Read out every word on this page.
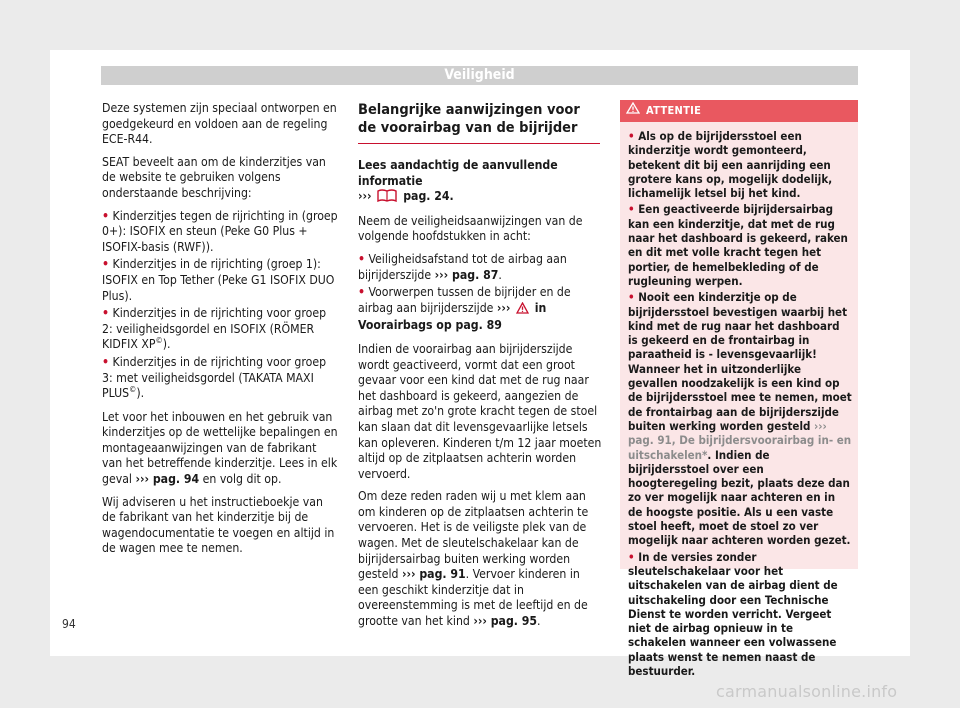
Veiligheid

Deze systemen zijn speciaal ontworpen en goedgekeurd en voldoen aan de regeling ECE-R44.

SEAT beveelt aan om de kinderzitjes van de website te gebruiken volgens onderstaande beschrijving:

• Kinderzitjes tegen de rijrichting in (groep 0+): ISOFIX en steun (Peke G0 Plus + ISOFIX-basis (RWF)).
• Kinderzitjes in de rijrichting (groep 1): ISOFIX en Top Tether (Peke G1 ISOFIX DUO Plus).
• Kinderzitjes in de rijrichting voor groep 2: veiligheidsgordel en ISOFIX (RÖMER KIDFIX XP©).
• Kinderzitjes in de rijrichting voor groep 3: met veiligheidsgordel (TAKATA MAXI PLUS©).

Let voor het inbouwen en het gebruik van kinderzitjes op de wettelijke bepalingen en montageaanwijzingen van de fabrikant van het betreffende kinderzitje. Lees in elk geval ››› pag. 94 en volg dit op.

Wij adviseren u het instructieboekje van de fabrikant van het kinderzitje bij de wagendocumentatie te voegen en altijd in de wagen mee te nemen.

Belangrijke aanwijzingen voor de voorairbag van de bijrijder

Lees aandachtig de aanvullende informatie
›››  pag. 24.

Neem de veiligheidsaanwijzingen van de volgende hoofdstukken in acht:

• Veiligheidsafstand tot de airbag aan bijrijderszijde ››› pag. 87.
• Voorwerpen tussen de bijrijder en de airbag aan bijrijderszijde ›››  in Voorairbags op pag. 89

Indien de voorairbag aan bijrijderszijde wordt geactiveerd, vormt dat een groot gevaar voor een kind dat met de rug naar het dashboard is gekeerd, aangezien de airbag met zo'n grote kracht tegen de stoel kan slaan dat dit levensgevaarlijke letsels kan opleveren. Kinderen t/m 12 jaar moeten altijd op de zitplaatsen achterin worden vervoerd.

Om deze reden raden wij u met klem aan om kinderen op de zitplaatsen achterin te vervoeren. Het is de veiligste plek van de wagen. Met de sleutelschakelaar kan de bijrijdersairbag buiten werking worden gesteld ››› pag. 91. Vervoer kinderen in een geschikt kinderzitje dat in overeenstemming is met de leeftijd en de grootte van het kind ››› pag. 95.

ATTENTIE
• Als op de bijrijdersstoel een kinderzitje wordt gemonteerd, betekent dit bij een aanrijding een grotere kans op, mogelijk dodelijk, lichamelijk letsel bij het kind.
• Een geactiveerde bijrijdersairbag kan een kinderzitje, dat met de rug naar het dashboard is gekeerd, raken en dit met volle kracht tegen het portier, de hemelbekleding of de rugleuning werpen.
• Nooit een kinderzitje op de bijrijdersstoel bevestigen waarbij het kind met de rug naar het dashboard is gekeerd en de frontairbag in paraatheid is - levensgevaarlijk! Wanneer het in uitzonderlijke gevallen noodzakelijk is een kind op de bijrijdersstoel mee te nemen, moet de frontairbag aan de bijrijderszijde buiten werking worden gesteld ››› pag. 91, De bijrijdersvoorairbag in- en uitschakelen*. Indien de bijrijdersstoel over een hoogteregeling bezit, plaats deze dan zo ver mogelijk naar achteren en in de hoogste positie. Als u een vaste stoel heeft, moet de stoel zo ver mogelijk naar achteren worden gezet.
• In de versies zonder sleutelschakelaar voor het uitschakelen van de airbag dient de uitschakeling door een Technische Dienst te worden verricht. Vergeet niet de airbag opnieuw in te schakelen wanneer een volwassene plaats wenst te nemen naast de bestuurder.
94
carmanualsonline.info
